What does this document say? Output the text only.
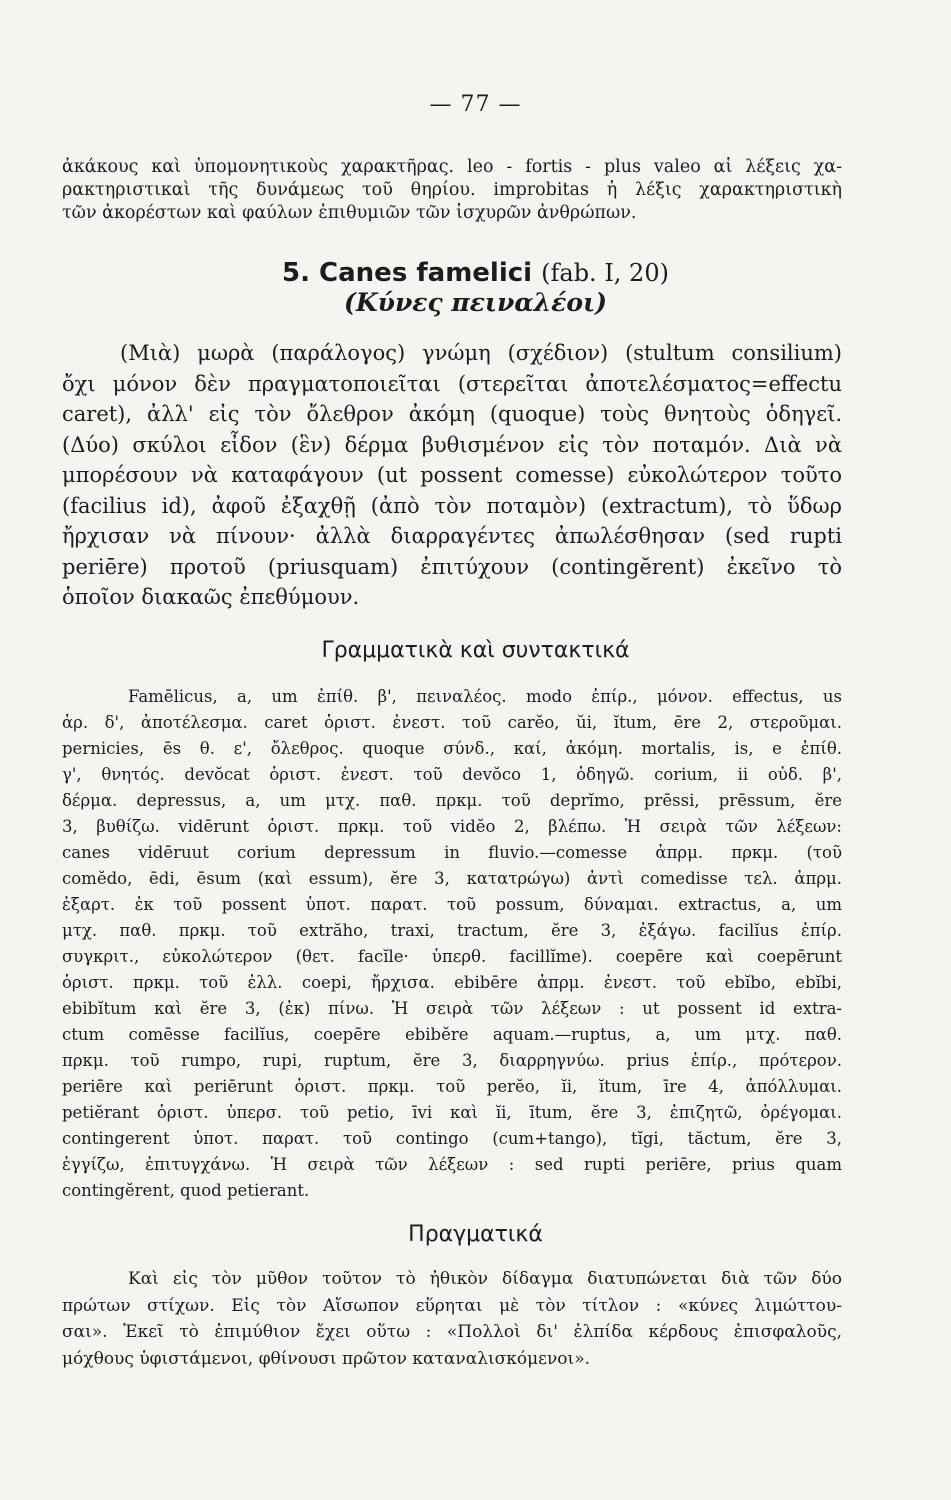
— 77 —
ἀκάκους καὶ ὑπομονητικοὺς χαρακτῆρας. leo - fortis - plus valeo αἱ λέξεις χα-
ρακτηριστικαὶ τῆς δυνάμεως τοῦ θηρίου. improbitas ἡ λέξις χαρακτηριστικὴ
τῶν ἀκορέστων καὶ φαύλων ἐπιθυμιῶν τῶν ἰσχυρῶν ἀνθρώπων.
5. Canes famelici (fab. I, 20)
(Κύνες πειναλέοι)
(Μιὰ) μωρὰ (παράλογος) γνώμη (σχέδιον) (stultum consilium)
ὄχι μόνον δὲν πραγματοποιεῖται (στερεῖται ἀποτελέσματος=effectu
caret), ἀλλ' εἰς τὸν ὄλεθρον ἀκόμη (quoque) τοὺς θνητοὺς ὁδηγεῖ.
(Δύο) σκύλοι εἶδον (ἓν) δέρμα βυθισμένον εἰς τὸν ποταμόν. Διὰ νὰ
μπορέσουν νὰ καταφάγουν (ut possent comesse) εὐκολώτερον τοῦτο
(facilius id), ἀφοῦ ἐξαχθῇ (ἀπὸ τὸν ποταμὸν) (extractum), τὸ ὕδωρ
ἤρχισαν νὰ πίνουν· ἀλλὰ διαρραγέντες ἀπωλέσθησαν (sed rupti
periēre) προτοῦ (priusquam) ἐπιτύχουν (contingĕrent) ἐκεῖνο τὸ
ὁποῖον διακαῶς ἐπεθύμουν.
Γραμματικὰ καὶ συντακτικά
Famēlicus, a, um ἐπίθ. β', πειναλέος. modo ἐπίρ., μόνον. effectus, us
ἀρ. δ', ἀποτέλεσμα. caret ὁριστ. ἐνεστ. τοῦ carĕo, ŭi, ĭtum, ēre 2, στεροῦμαι.
pernicies, ēs θ. ε', ὄλεθρος. quoque σύνδ., καί, ἀκόμη. mortalis, is, e ἐπίθ.
γ', θνητός. devŏcat ὁριστ. ἐνεστ. τοῦ devŏco 1, ὁδηγῶ. corium, ii οὐδ. β',
δέρμα. depressus, a, um μτχ. παθ. πρκμ. τοῦ deprĭmo, prēssi, prēssum, ĕre
3, βυθίζω. vidērunt ὁριστ. πρκμ. τοῦ vidĕo 2, βλέπω. Ἡ σειρὰ τῶν λέξεων:
canes vidēruut corium depressum in fluvio.—comesse ἀπρμ. πρκμ. (τοῦ
comĕdo, ēdi, ēsum (καὶ essum), ĕre 3, κατατρώγω) ἀντὶ comedisse τελ. ἀπρμ.
ἐξαρτ. ἐκ τοῦ possent ὑποτ. παρατ. τοῦ possum, δύναμαι. extractus, a, um
μτχ. παθ. πρκμ. τοῦ extrăho, traxi, tractum, ĕre 3, ἐξάγω. facilĭus ἐπίρ.
συγκριτ., εὐκολώτερον (θετ. facĭle· ὑπερθ. facillĭme). coepēre καὶ coepērunt
ὁριστ. πρκμ. τοῦ ἐλλ. coepi, ἤρχισα. ebibēre ἀπρμ. ἐνεστ. τοῦ ebĭbo, ebĭbi,
ebibĭtum καὶ ĕre 3, (ἐκ) πίνω. Ἡ σειρὰ τῶν λέξεων : ut possent id extra-
ctum comēsse facilĭus, coepēre ebibĕre aquam.—ruptus, a, um μτχ. παθ.
πρκμ. τοῦ rumpo, rupi, ruptum, ĕre 3, διαρρηγνύω. prius ἐπίρ., πρότερον.
periēre καὶ periērunt ὁριστ. πρκμ. τοῦ perĕo, ĭi, ĭtum, īre 4, ἀπόλλυμαι.
petiĕrant ὁριστ. ὑπερσ. τοῦ petio, īvi καὶ ĭi, ītum, ĕre 3, ἐπιζητῶ, ὀρέγομαι.
contingerent ὑποτ. παρατ. τοῦ contingo (cum+tango), tĭgi, tăctum, ĕre 3,
ἐγγίζω, ἐπιτυγχάνω. Ἡ σειρὰ τῶν λέξεων : sed rupti periēre, prius quam
contingĕrent, quod petierant.
Πραγματικά
Καὶ εἰς τὸν μῦθον τοῦτον τὸ ἠθικὸν δίδαγμα διατυπώνεται διὰ τῶν δύο
πρώτων στίχων. Εἰς τὸν Αἴσωπον εὕρηται μὲ τὸν τίτλον : «κύνες λιμώττου-
σαι». Ἐκεῖ τὸ ἐπιμύθιον ἔχει οὕτω : «Πολλοὶ δι' ἐλπίδα κέρδους ἐπισφαλοῦς,
μόχθους ὑφιστάμενοι, φθίνουσι πρῶτον καταναλισκόμενοι».
